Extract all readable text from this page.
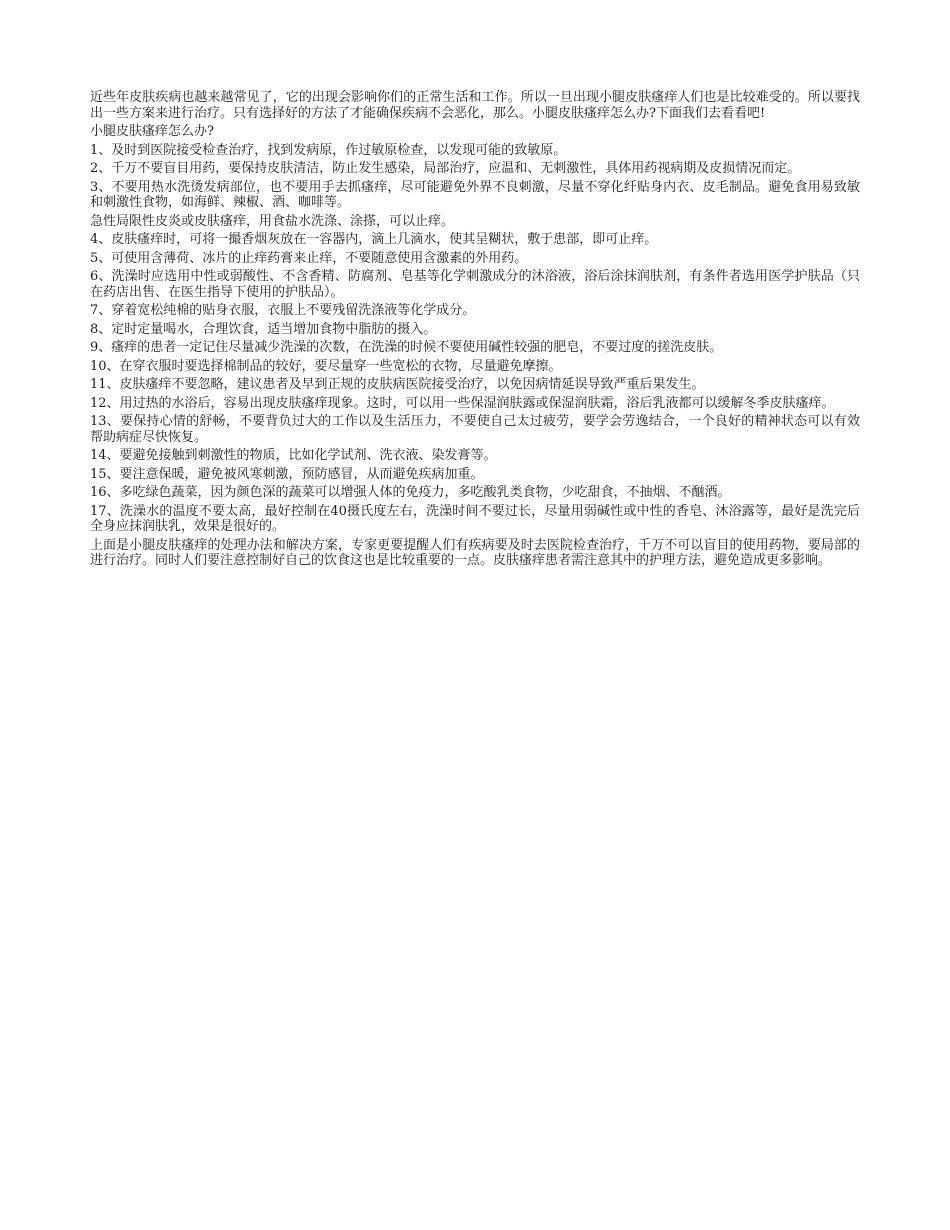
近些年皮肤疾病也越来越常见了，它的出现会影响你们的正常生活和工作。所以一旦出现小腿皮肤瘙痒人们也是比较难受的。所以要找出一些方案来进行治疗。只有选择好的方法了才能确保疾病不会恶化，那么。小腿皮肤瘙痒怎么办?下面我们去看看吧!

小腿皮肤瘙痒怎么办?

1、及时到医院接受检查治疗，找到发病原，作过敏原检查，以发现可能的致敏原。

2、千万不要盲目用药，要保持皮肤清洁，防止发生感染，局部治疗，应温和、无刺激性，具体用药视病期及皮损情况而定。

3、不要用热水洗烫发病部位，也不要用手去抓瘙痒，尽可能避免外界不良刺激，尽量不穿化纤贴身内衣、皮毛制品。避免食用易致敏和刺激性食物，如海鲜、辣椒、酒、咖啡等。

急性局限性皮炎或皮肤瘙痒，用食盐水洗涤、涂搽，可以止痒。

4、皮肤瘙痒时，可将一撮香烟灰放在一容器内，滴上几滴水，使其呈糊状，敷于患部，即可止痒。

5、可使用含薄荷、冰片的止痒药膏来止痒，不要随意使用含激素的外用药。

6、洗澡时应选用中性或弱酸性、不含香精、防腐剂、皂基等化学刺激成分的沐浴液，浴后涂抹润肤剂，有条件者选用医学护肤品（只在药店出售、在医生指导下使用的护肤品）。

7、穿着宽松纯棉的贴身衣服，衣服上不要残留洗涤液等化学成分。

8、定时定量喝水，合理饮食，适当增加食物中脂肪的摄入。

9、瘙痒的患者一定记住尽量减少洗澡的次数，在洗澡的时候不要使用碱性较强的肥皂，不要过度的搓洗皮肤。

10、在穿衣服时要选择棉制品的较好，要尽量穿一些宽松的衣物，尽量避免摩擦。

11、皮肤瘙痒不要忽略，建议患者及早到正规的皮肤病医院接受治疗，以免因病情延误导致严重后果发生。

12、用过热的水浴后，容易出现皮肤瘙痒现象。这时，可以用一些保湿润肤露或保湿润肤霜，浴后乳液都可以缓解冬季皮肤瘙痒。

13、要保持心情的舒畅，不要背负过大的工作以及生活压力，不要使自己太过疲劳，要学会劳逸结合，一个良好的精神状态可以有效帮助病症尽快恢复。

14、要避免接触到刺激性的物质，比如化学试剂、洗衣液、染发膏等。

15、要注意保暖，避免被风寒刺激，预防感冒，从而避免疾病加重。

16、多吃绿色蔬菜，因为颜色深的蔬菜可以增强人体的免疫力，多吃酸乳类食物，少吃甜食，不抽烟、不酗酒。

17、洗澡水的温度不要太高，最好控制在40摄氏度左右，洗澡时间不要过长，尽量用弱碱性或中性的香皂、沐浴露等，最好是洗完后全身应抹润肤乳，效果是很好的。

上面是小腿皮肤瘙痒的处理办法和解决方案，专家更要提醒人们有疾病要及时去医院检查治疗，千万不可以盲目的使用药物，要局部的进行治疗。同时人们要注意控制好自己的饮食这也是比较重要的一点。皮肤瘙痒患者需注意其中的护理方法，避免造成更多影响。
